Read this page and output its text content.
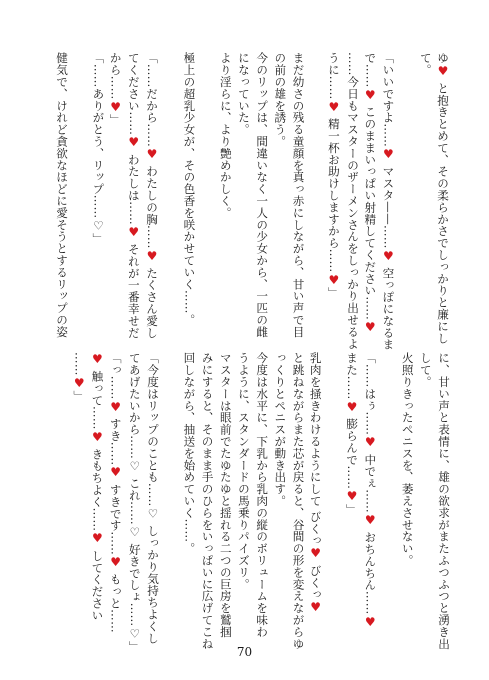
ゆ♥ と抱きとめて、その柔らかさでしっかりと廉にし
て。
「いいですよ……♥ マスタ——……♥ 空っぽになるま
で……♥ このままいっぱい射精してください……♥
……今日もマスターのザーメンさんをしっかり出せるよ
うに……♥ 精一杯お助けしますから……♥」
まだ幼さの残る童顔を真っ赤にしながら、甘い声で目
の前の雄を誘う。
今のリップは、間違いなく一人の少女から、一匹の雌
になっていた。
より淫らに、より艶めかしく。
極上の超乳少女が、その色香を咲かせていく……。
「……だから……♥ わたしの胸……♥ たくさん愛し
てください……♥ わたしは……♥ それが一番幸せだ
から……♥」
「……ありがとう、リップ……♡」
健気で、けれど貪欲なほどに愛そうとするリップの姿
に、甘い声と表情に、雄の欲求がまたふつふつと湧き出
して。
火照りきったペニスを、萎えさせない。
「……はぅ……♥ 中でぇ……♥ おちんちん……♥
また……♥ 膨らんで……♥」
乳肉を掻きわけるようにして びくっ♥ びくっ♥
と跳ねながらまた芯が戻ると、谷間の形を変えながらゆ
っくりとペニスが動き出す。
今度は水平に、下乳から乳肉の縦のボリュームを味わ
うように、スタンダードの馬乗りパイズリ。
マスターは眼前でたゆたゆと揺れる二つの巨房を鷲掴
みにすると、そのまま手のひらをいっぱいに広げてこね
回しながら、抽送を始めていく……。
「今度はリップのことも……♡ しっかり気持ちよくし
てあげたいから……♡ これ……♡ 好きでしょ……♡」
「っ……♥ すき……♥ すきです……♥ もっと……
♥ 触って……♥ きもちよく……♥ してください
……♥」
70
